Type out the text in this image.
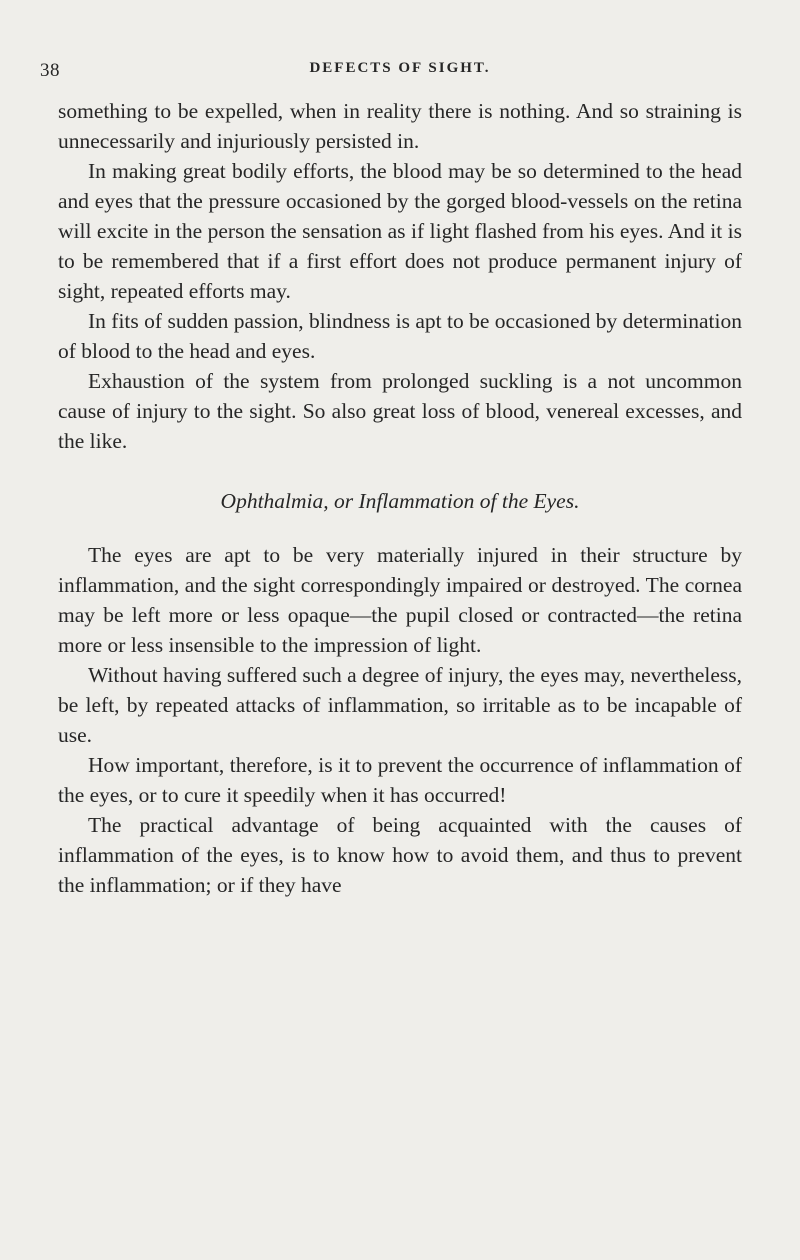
38	DEFECTS OF SIGHT.

something to be expelled, when in reality there is nothing. And so straining is unnecessarily and injuriously persisted in.

In making great bodily efforts, the blood may be so determined to the head and eyes that the pressure occasioned by the gorged blood-vessels on the retina will excite in the person the sensation as if light flashed from his eyes. And it is to be remembered that if a first effort does not produce permanent injury of sight, repeated efforts may.

In fits of sudden passion, blindness is apt to be occasioned by determination of blood to the head and eyes.

Exhaustion of the system from prolonged suckling is a not uncommon cause of injury to the sight. So also great loss of blood, venereal excesses, and the like.

Ophthalmia, or Inflammation of the Eyes.

The eyes are apt to be very materially injured in their structure by inflammation, and the sight correspondingly impaired or destroyed. The cornea may be left more or less opaque—the pupil closed or contracted—the retina more or less insensible to the impression of light.

Without having suffered such a degree of injury, the eyes may, nevertheless, be left, by repeated attacks of inflammation, so irritable as to be incapable of use.

How important, therefore, is it to prevent the occurrence of inflammation of the eyes, or to cure it speedily when it has occurred!

The practical advantage of being acquainted with the causes of inflammation of the eyes, is to know how to avoid them, and thus to prevent the inflammation; or if they have
